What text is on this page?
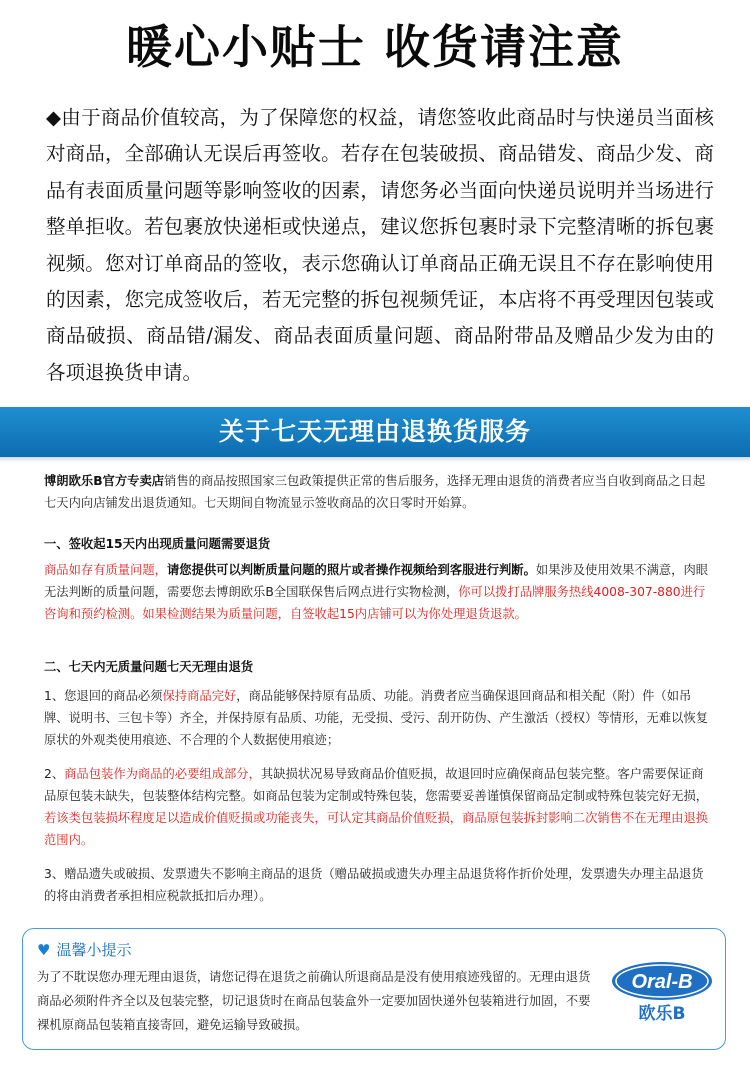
暖心小贴士 收货请注意
◆由于商品价值较高，为了保障您的权益，请您签收此商品时与快递员当面核对商品，全部确认无误后再签收。若存在包装破损、商品错发、商品少发、商品有表面质量问题等影响签收的因素，请您务必当面向快递员说明并当场进行整单拒收。若包裹放快递柜或快递点，建议您拆包裹时录下完整清晰的拆包裹视频。您对订单商品的签收，表示您确认订单商品正确无误且不存在影响使用的因素，您完成签收后，若无完整的拆包视频凭证，本店将不再受理因包装或商品破损、商品错/漏发、商品表面质量问题、商品附带品及赠品少发为由的各项退换货申请。
关于七天无理由退换货服务
博朗欧乐B官方专卖店销售的商品按照国家三包政策提供正常的售后服务，选择无理由退货的消费者应当自收到商品之日起七天内向店铺发出退货通知。七天期间自物流显示签收商品的次日零时开始算。
一、签收起15天内出现质量问题需要退货
商品如存有质量问题，请您提供可以判断质量问题的照片或者操作视频给到客服进行判断。如果涉及使用效果不满意，肉眼无法判断的质量问题，需要您去博朗欧乐B全国联保售后网点进行实物检测，你可以拨打品牌服务热线4008-307-880进行咨询和预约检测。如果检测结果为质量问题，自签收起15内店铺可以为你处理退货退款。
二、七天内无质量问题七天无理由退货
1、您退回的商品必须保持商品完好，商品能够保持原有品质、功能。消费者应当确保退回商品和相关配（附）件（如吊牌、说明书、三包卡等）齐全，并保持原有品质、功能，无受损、受污、刮开防伪、产生激活（授权）等情形，无难以恢复原状的外观类使用痕迹、不合理的个人数据使用痕迹；
2、商品包装作为商品的必要组成部分，其缺损状况易导致商品价值贬损，故退回时应确保商品包装完整。客户需要保证商品原包装未缺失，包装整体结构完整。如商品包装为定制或特殊包装，您需要妥善谨慎保留商品定制或特殊包装完好无损，若该类包装损坏程度足以造成价值贬损或功能丧失，可认定其商品价值贬损，商品原包装拆封影响二次销售不在无理由退换范围内。
3、赠品遗失或破损、发票遗失不影响主商品的退货（赠品破损或遗失办理主品退货将作折价处理，发票遗失办理主品退货的将由消费者承担相应税款抵扣后办理）。
♥ 温馨小提示
为了不耽误您办理无理由退货，请您记得在退货之前确认所退商品是没有使用痕迹残留的。无理由退货商品必须附件齐全以及包装完整，切记退货时在商品包装盒外一定要加固快递外包装箱进行加固，不要裸机原商品包装箱直接寄回，避免运输导致破损。
Oral-B
欧乐B
